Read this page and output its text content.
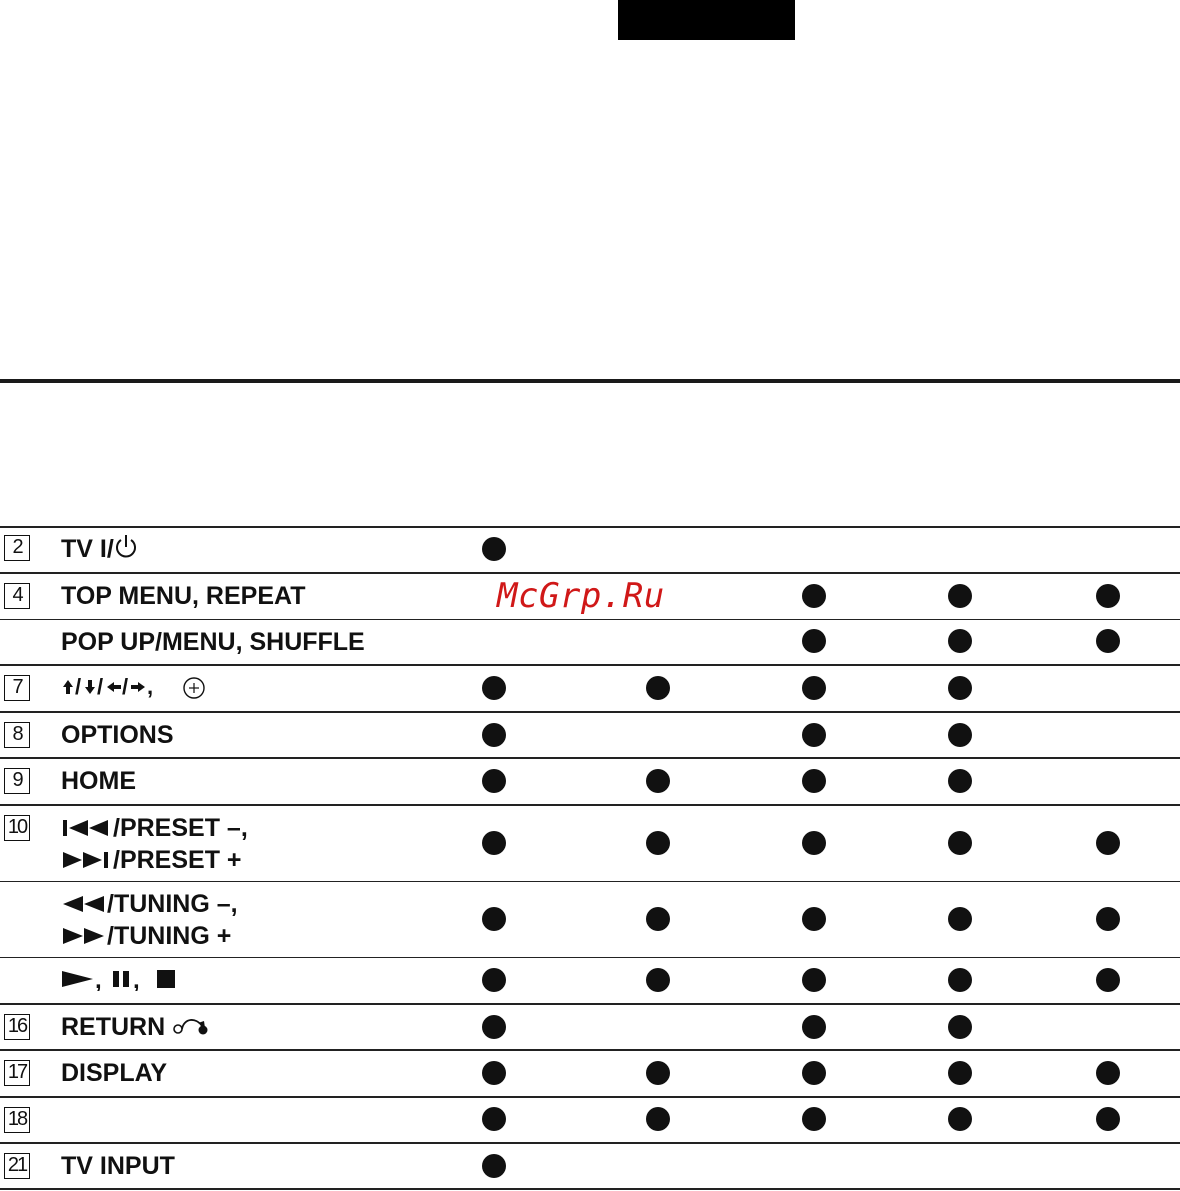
2
4
7
8
9
10
16
17
18
21
TV I/
TOP MENU, REPEAT
POP UP/MENU, SHUFFLE
/ / / ,
OPTIONS
HOME
/PRESET –,
/PRESET +
/TUNING –,
/TUNING +
, ,
RETURN
DISPLAY
TV INPUT
McGrp.Ru
